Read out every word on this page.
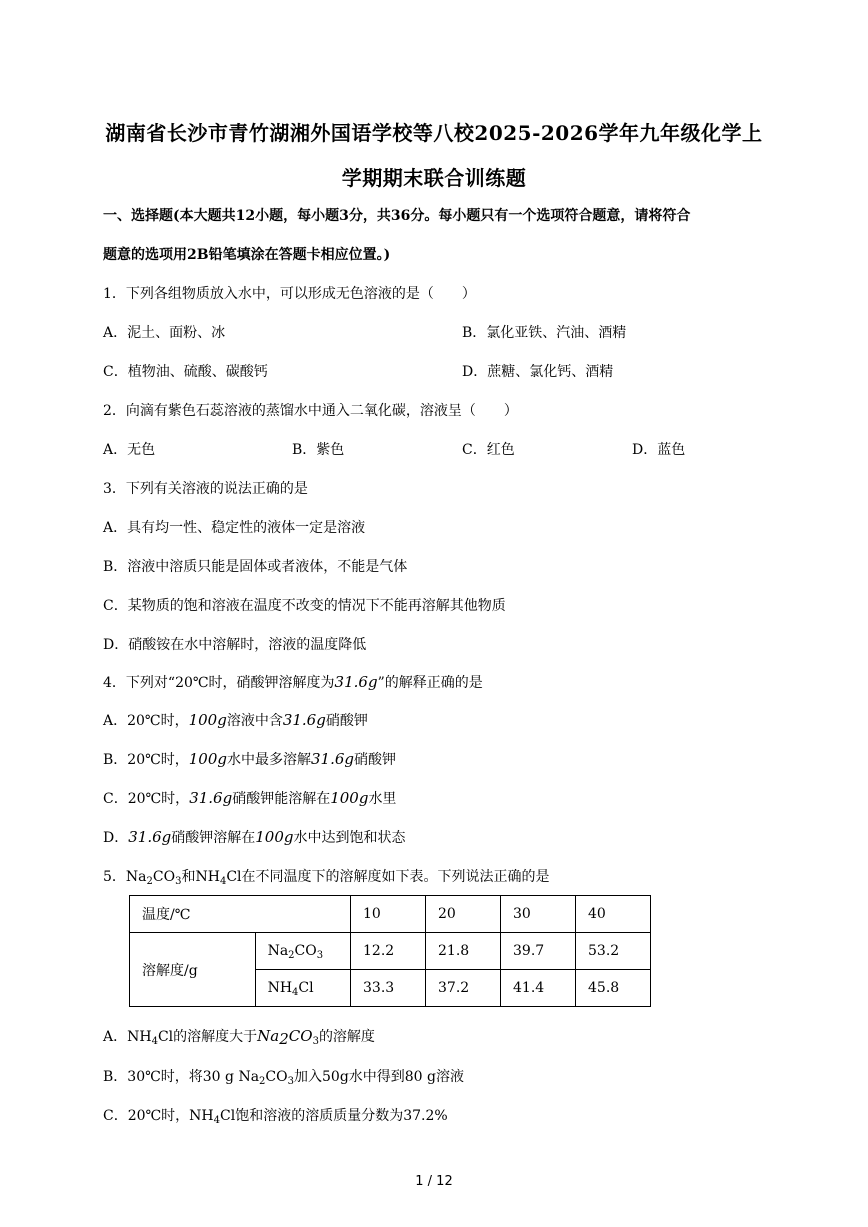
湖南省长沙市青竹湖湘外国语学校等八校2025-2026学年九年级化学上
学期期末联合训练题
一、选择题(本大题共12小题，每小题3分，共36分。每小题只有一个选项符合题意，请将符合
题意的选项用2B铅笔填涂在答题卡相应位置。)
1．下列各组物质放入水中，可以形成无色溶液的是（　　）
A．泥土、面粉、冰	B．氯化亚铁、汽油、酒精
C．植物油、硫酸、碳酸钙	D．蔗糖、氯化钙、酒精
2．向滴有紫色石蕊溶液的蒸馏水中通入二氧化碳，溶液呈（　　）
A．无色	B．紫色	C．红色	D．蓝色
3．下列有关溶液的说法正确的是
A．具有均一性、稳定性的液体一定是溶液
B．溶液中溶质只能是固体或者液体，不能是气体
C．某物质的饱和溶液在温度不改变的情况下不能再溶解其他物质
D．硝酸铵在水中溶解时，溶液的温度降低
4．下列对“20℃时，硝酸钾溶解度为31.6g”的解释正确的是
A．20℃时，100g溶液中含31.6g硝酸钾
B．20℃时，100g水中最多溶解31.6g硝酸钾
C．20℃时，31.6g硝酸钾能溶解在100g水里
D．31.6g硝酸钾溶解在100g水中达到饱和状态
5．$Na_2CO_3$和$NH_4Cl$在不同温度下的溶解度如下表。下列说法正确的是
温度/℃		10	20	30	40
溶解度/g	$Na_2CO_3$	12.2	21.8	39.7	53.2
	$NH_4Cl$	33.3	37.2	41.4	45.8
A．$NH_4Cl$的溶解度大于$Na_2CO_3$的溶解度
B．30℃时，将30 g $Na_2CO_3$加入50g水中得到80 g溶液
C．20℃时，$NH_4Cl$饱和溶液的溶质质量分数为37.2%
1 / 12
